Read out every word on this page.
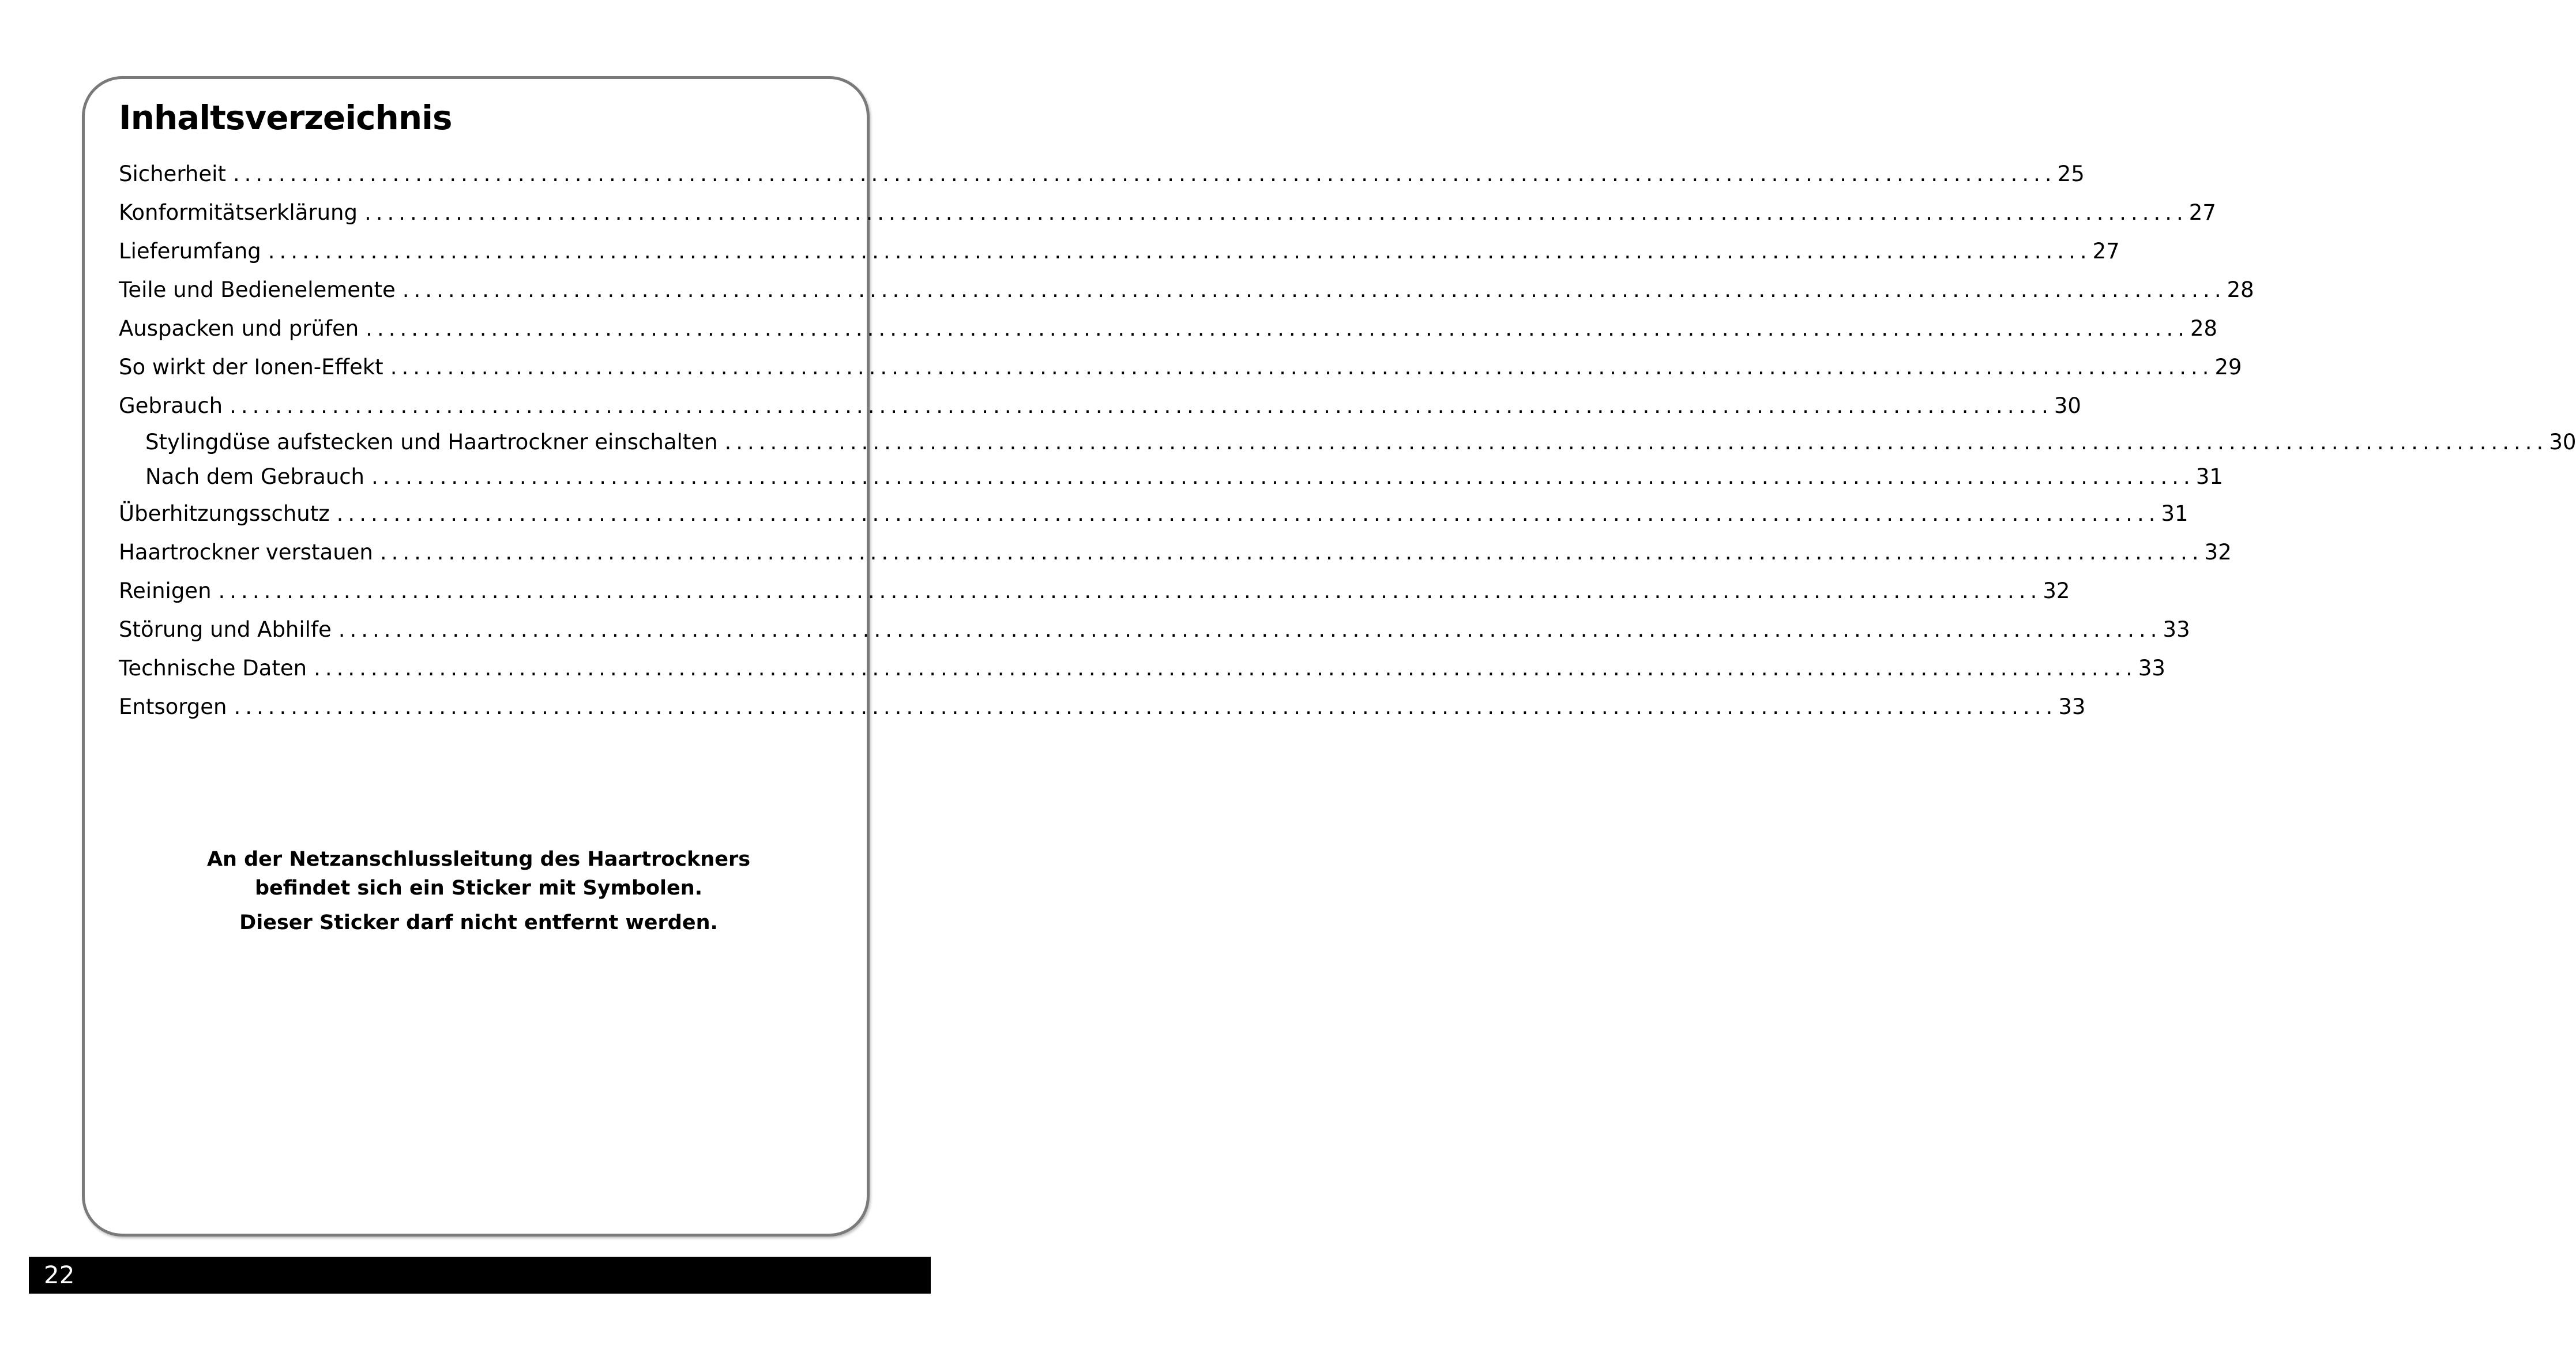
Inhaltsverzeichnis
Sicherheit ................................................................................................................................................................ 25
Konformitätserklärung ................................................................................................................................................................ 27
Lieferumfang ................................................................................................................................................................ 27
Teile und Bedienelemente ................................................................................................................................................................ 28
Auspacken und prüfen ................................................................................................................................................................ 28
So wirkt der Ionen-Effekt ................................................................................................................................................................ 29
Gebrauch ................................................................................................................................................................ 30
Stylingdüse aufstecken und Haartrockner einschalten ................................................................................................................................................................ 30
Nach dem Gebrauch ................................................................................................................................................................ 31
Überhitzungsschutz ................................................................................................................................................................ 31
Haartrockner verstauen ................................................................................................................................................................ 32
Reinigen ................................................................................................................................................................ 32
Störung und Abhilfe ................................................................................................................................................................ 33
Technische Daten ................................................................................................................................................................ 33
Entsorgen ................................................................................................................................................................ 33
An der Netzanschlussleitung des Haartrockners
befindet sich ein Sticker mit Symbolen.
Dieser Sticker darf nicht entfernt werden.
22
